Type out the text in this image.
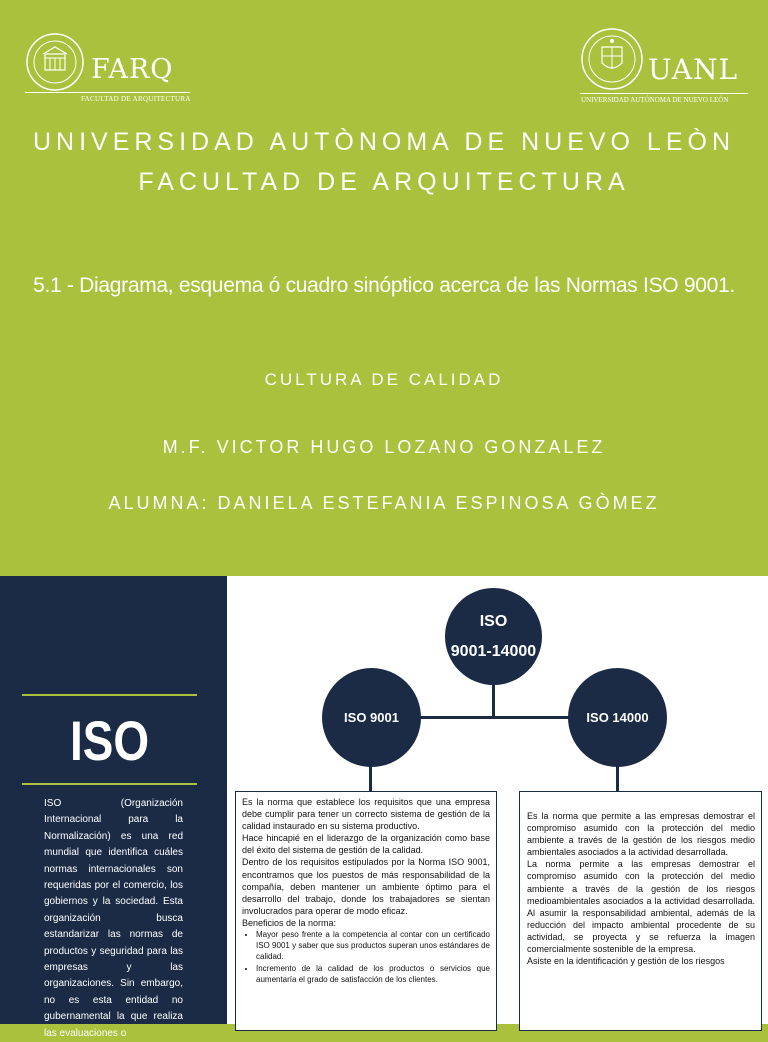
FARQ
FACULTAD DE ARQUITECTURA
UANL
UNIVERSIDAD AUTÓNOMA DE NUEVO LEÓN
UNIVERSIDAD AUTÒNOMA DE NUEVO LEÒN
FACULTAD DE ARQUITECTURA
5.1 - Diagrama, esquema ó cuadro sinóptico acerca de las Normas ISO 9001.
CULTURA DE CALIDAD
M.F. VICTOR HUGO LOZANO GONZALEZ
ALUMNA: DANIELA ESTEFANIA ESPINOSA GÒMEZ
ISO
ISO (Organización Internacional para la Normalización) es una red mundial que identifica cuáles normas internacionales son requeridas por el comercio, los gobiernos y la sociedad. Esta organización busca estandarizar las normas de productos y seguridad para las empresas y las organizaciones. Sin embargo, no es esta entidad no gubernamental la que realiza las evaluaciones o
ISO
9001-14000
ISO 9001	ISO 14000

Es la norma que establece los requisitos que una empresa debe cumplir para tener un correcto sistema de gestión de la calidad instaurado en su sistema productivo.

Hace hincapié en el liderazgo de la organización como base del éxito del sistema de gestión de la calidad.

Dentro de los requisitos estipulados por la Norma ISO 9001, encontramos que los puestos de más responsabilidad de la compañía, deben mantener un ambiente óptimo para el desarrollo del trabajo, donde los trabajadores se sientan involucrados para operar de modo eficaz.

Beneficios de la norma:

• Mayor peso frente a la competencia al contar con un certificado ISO 9001 y saber que sus productos superan unos estándares de calidad.
• Incremento de la calidad de los productos o servicios que aumentaría el grado de satisfacción de los clientes.

Es la norma que permite a las empresas demostrar el compromiso asumido con la protección del medio ambiente a través de la gestión de los riesgos medio ambientales asociados a la actividad desarrollada.

La norma permite a las empresas demostrar el compromiso asumido con la protección del medio ambiente a través de la gestión de los riesgos medioambientales asociados a la actividad desarrollada. Al asumir la responsabilidad ambiental, además de la reducción del impacto ambiental procedente de su actividad, se proyecta y se refuerza la imagen comercialmente sostenible de la empresa.

Asiste en la identificación y gestión de los riesgos
